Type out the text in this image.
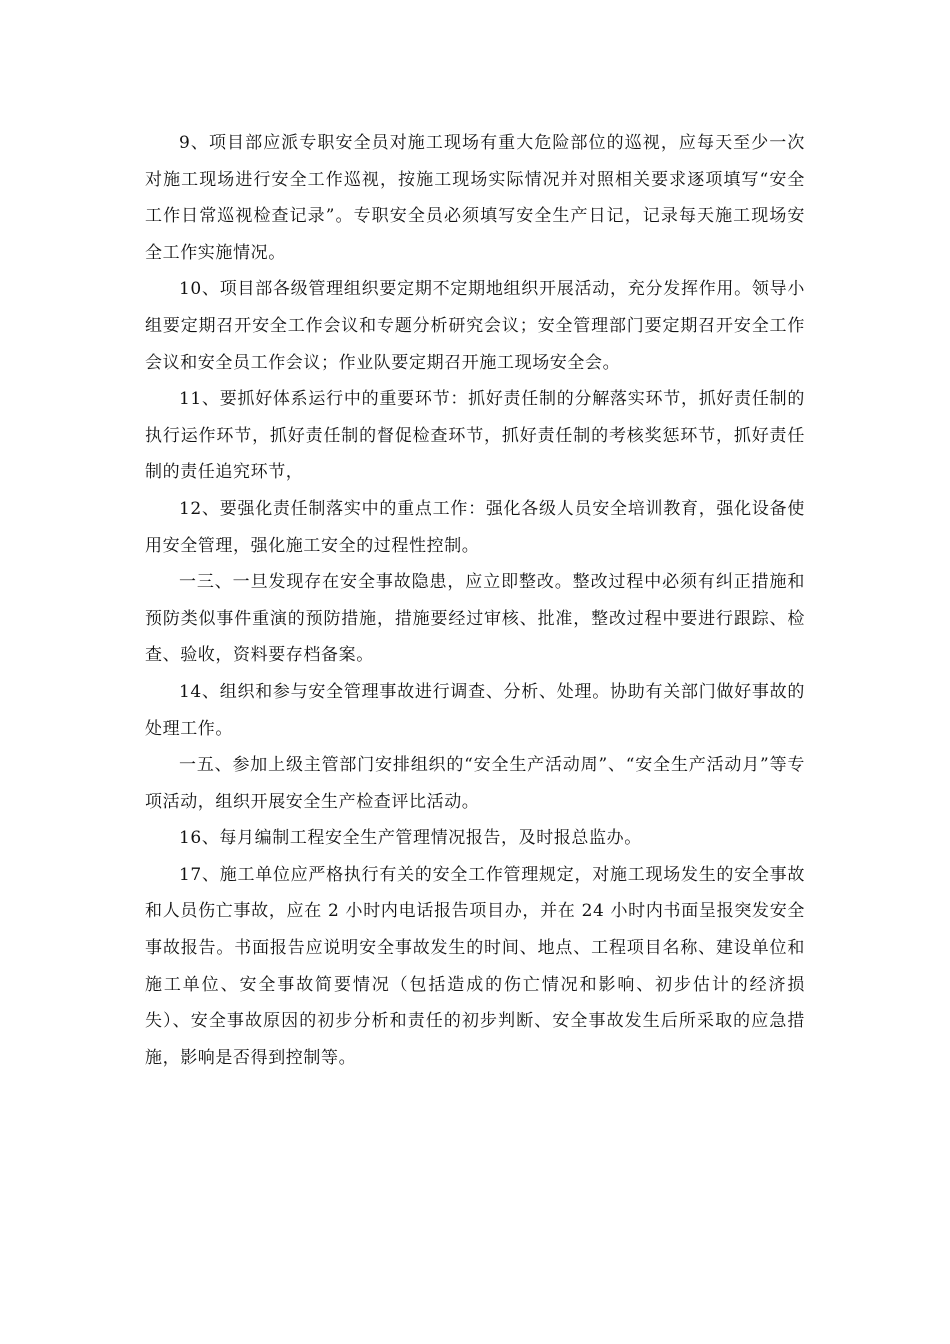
9、项目部应派专职安全员对施工现场有重大危险部位的巡视，应每天至少一次对施工现场进行安全工作巡视，按施工现场实际情况并对照相关要求逐项填写“安全工作日常巡视检查记录”。专职安全员必须填写安全生产日记，记录每天施工现场安全工作实施情况。

10、项目部各级管理组织要定期不定期地组织开展活动，充分发挥作用。领导小组要定期召开安全工作会议和专题分析研究会议；安全管理部门要定期召开安全工作会议和安全员工作会议；作业队要定期召开施工现场安全会。

11、要抓好体系运行中的重要环节：抓好责任制的分解落实环节，抓好责任制的执行运作环节，抓好责任制的督促检查环节，抓好责任制的考核奖惩环节，抓好责任制的责任追究环节，

12、要强化责任制落实中的重点工作：强化各级人员安全培训教育，强化设备使用安全管理，强化施工安全的过程性控制。

一三、一旦发现存在安全事故隐患，应立即整改。整改过程中必须有纠正措施和预防类似事件重演的预防措施，措施要经过审核、批准，整改过程中要进行跟踪、检查、验收，资料要存档备案。

14、组织和参与安全管理事故进行调查、分析、处理。协助有关部门做好事故的处理工作。

一五、参加上级主管部门安排组织的“安全生产活动周”、“安全生产活动月”等专项活动，组织开展安全生产检查评比活动。

16、每月编制工程安全生产管理情况报告，及时报总监办。

17、施工单位应严格执行有关的安全工作管理规定，对施工现场发生的安全事故和人员伤亡事故，应在 2 小时内电话报告项目办，并在 24 小时内书面呈报突发安全事故报告。书面报告应说明安全事故发生的时间、地点、工程项目名称、建设单位和施工单位、安全事故简要情况（包括造成的伤亡情况和影响、初步估计的经济损失）、安全事故原因的初步分析和责任的初步判断、安全事故发生后所采取的应急措施，影响是否得到控制等。
